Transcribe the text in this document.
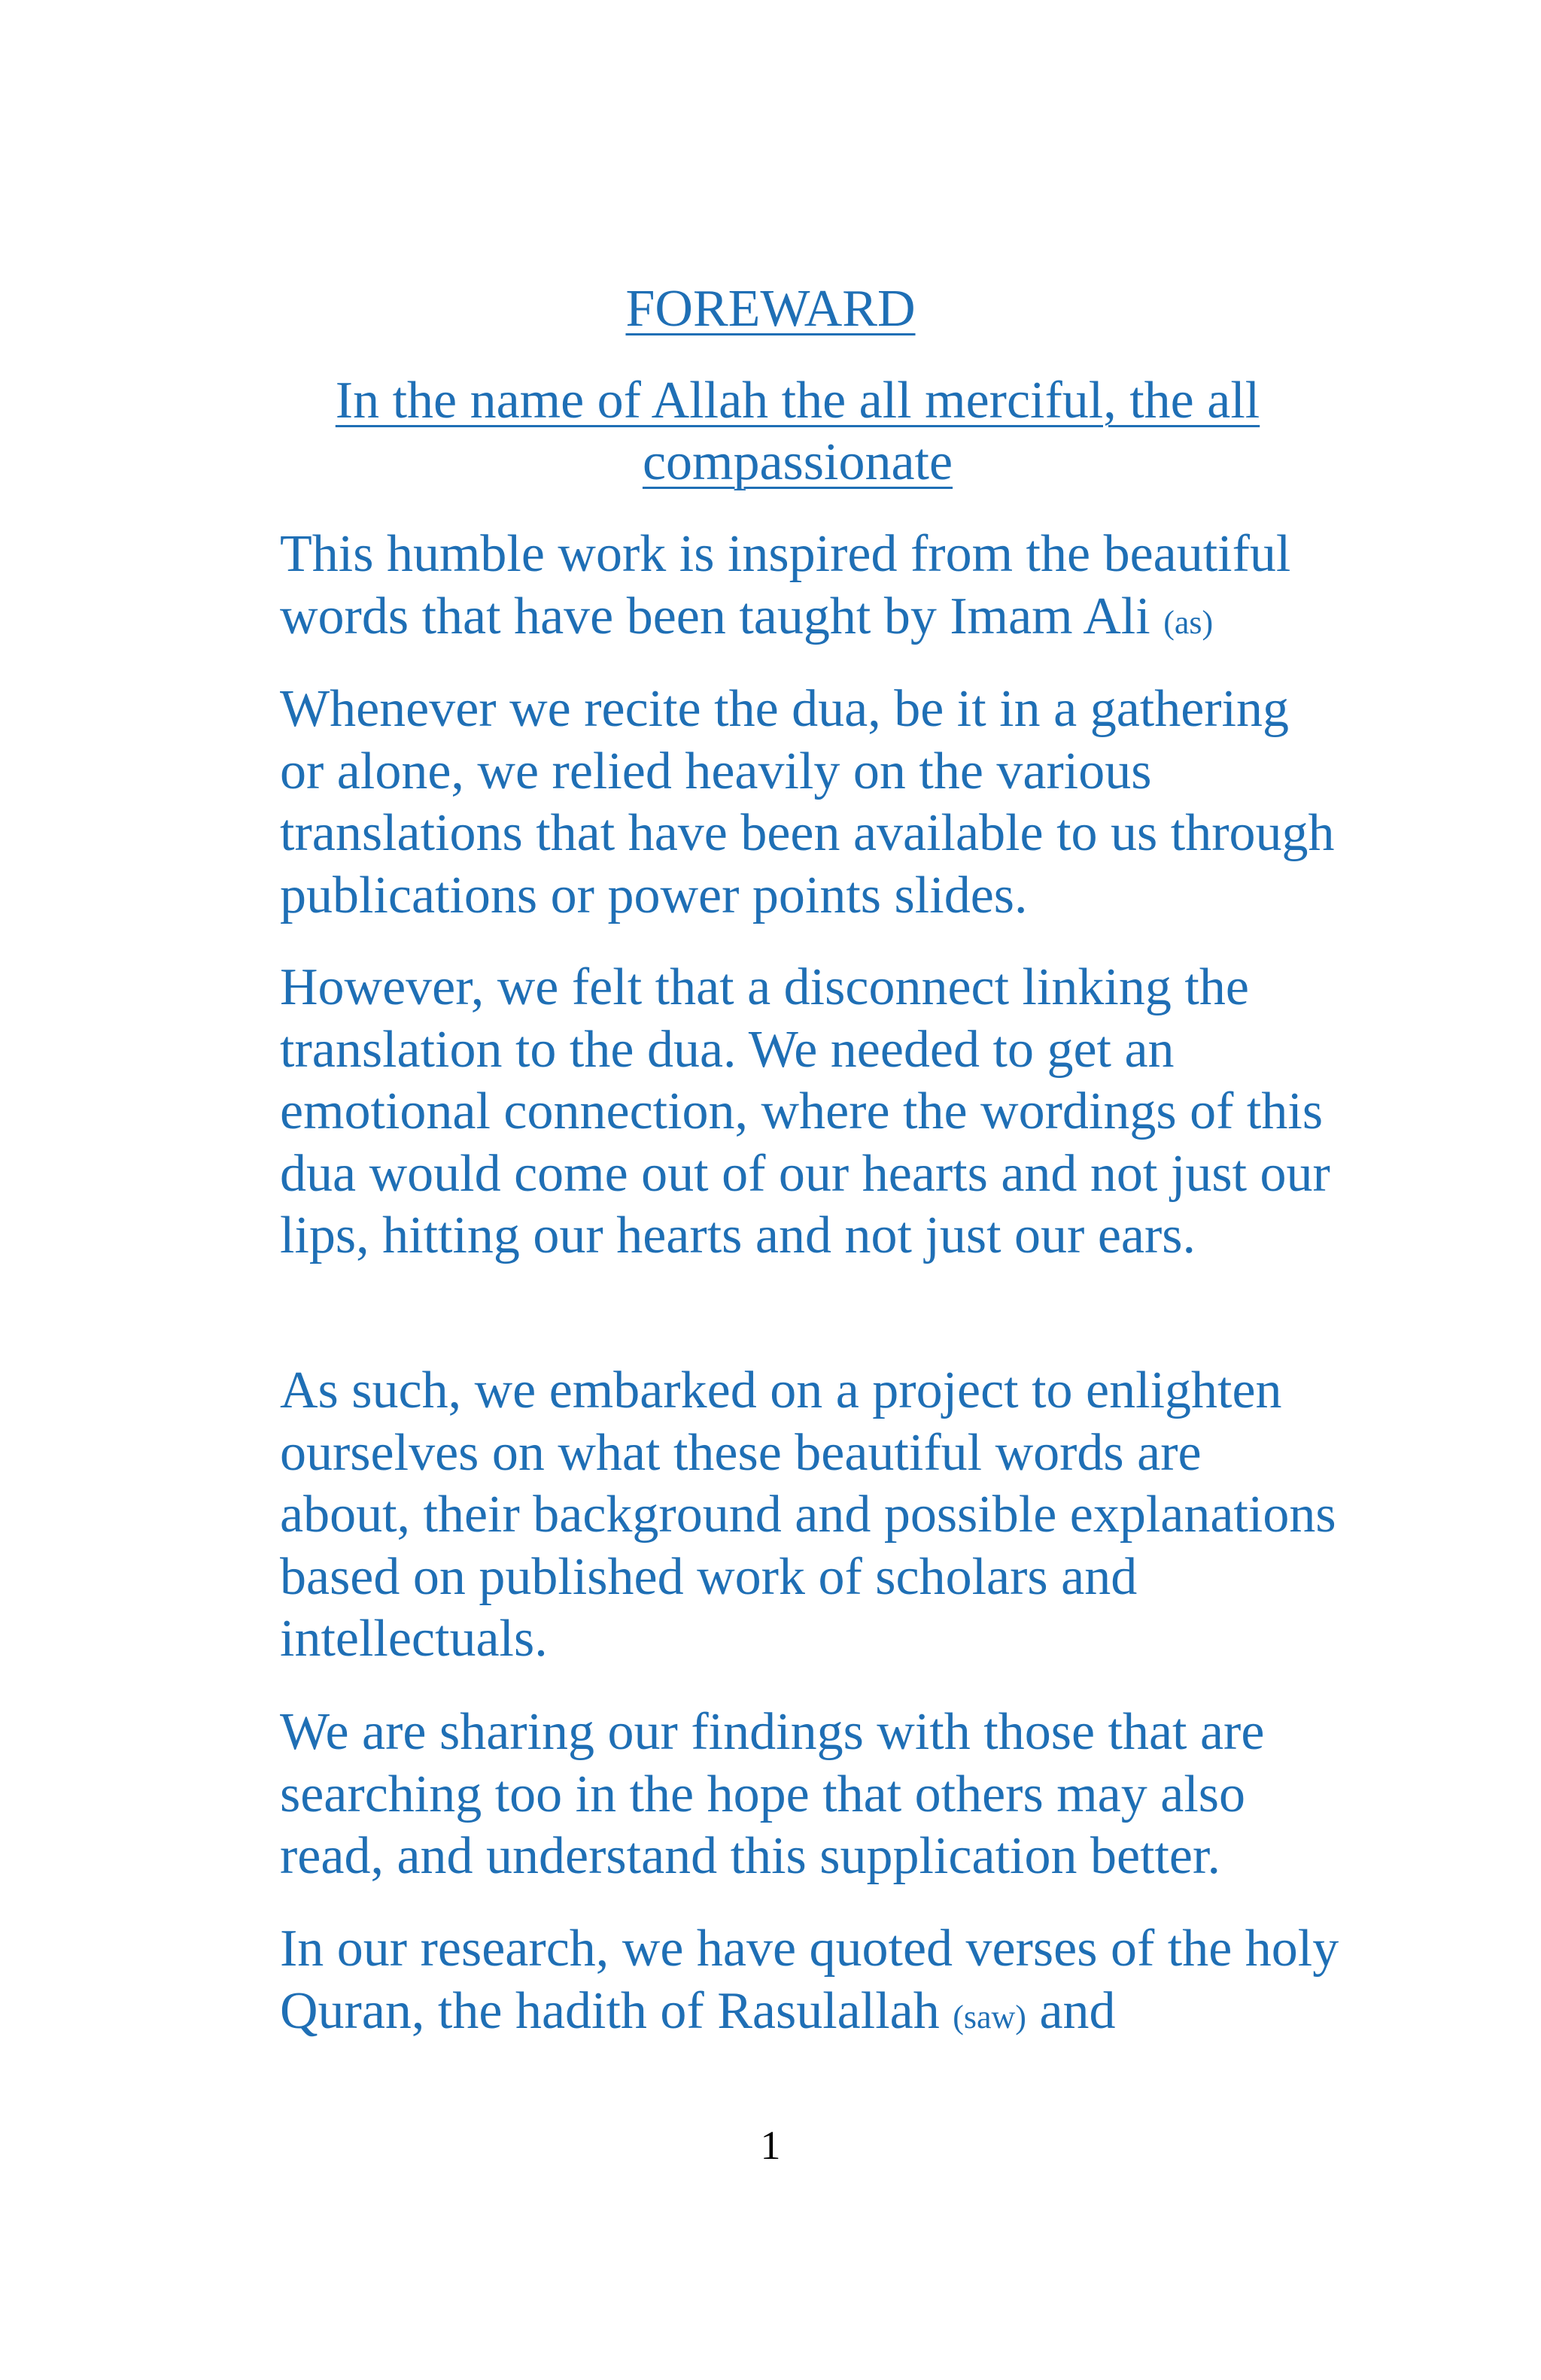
FOREWARD
In the name of Allah the all merciful, the all compassionate

This humble work is inspired from the beautiful words that have been taught by Imam Ali (as)

Whenever we recite the dua, be it in a gathering or alone, we relied heavily on the various translations that have been available to us through publications or power points slides.

However, we felt that a disconnect linking the translation to the dua. We needed to get an emotional connection, where the wordings of this dua would come out of our hearts and not just our lips, hitting our hearts and not just our ears.

As such, we embarked on a project to enlighten ourselves on what these beautiful words are about, their background and possible explanations based on published work of scholars and intellectuals.

We are sharing our findings with those that are searching too in the hope that others may also read, and understand this supplication better.

In our research, we have quoted verses of the holy Quran, the hadith of Rasulallah (saw) and

1
